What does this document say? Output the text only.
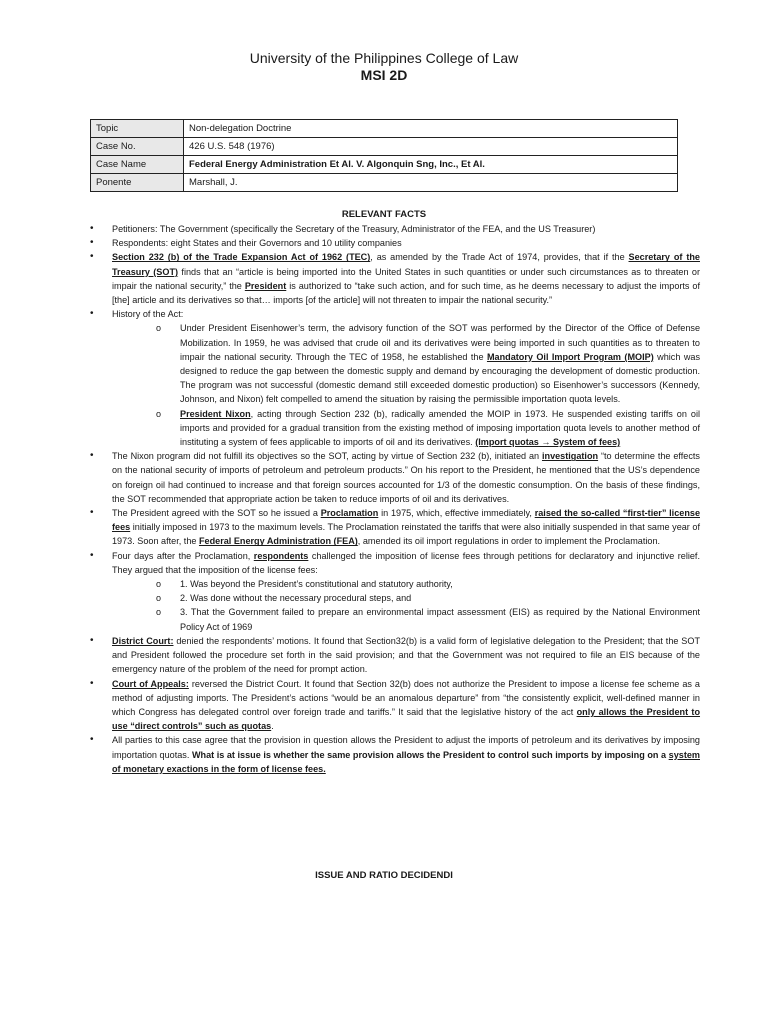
University of the Philippines College of Law
MSI 2D
Topic	Non-delegation Doctrine
Case No.	426 U.S. 548 (1976)
Case Name	Federal Energy Administration Et Al. V. Algonquin Sng, Inc., Et Al.
Ponente	Marshall, J.
RELEVANT FACTS
• Petitioners: The Government (specifically the Secretary of the Treasury, Administrator of the FEA, and the US Treasurer)
• Respondents: eight States and their Governors and 10 utility companies
• Section 232 (b) of the Trade Expansion Act of 1962 (TEC), as amended by the Trade Act of 1974, provides, that if the Secretary of the Treasury (SOT) finds that an “article is being imported into the United States in such quantities or under such circumstances as to threaten or impair the national security,” the President is authorized to “take such action, and for such time, as he deems necessary to adjust the imports of [the] article and its derivatives so that… imports [of the article] will not threaten to impair the national security.”
• History of the Act:
o Under President Eisenhower’s term, the advisory function of the SOT was performed by the Director of the Office of Defense Mobilization. In 1959, he was advised that crude oil and its derivatives were being imported in such quantities as to threaten to impair the national security. Through the TEC of 1958, he established the Mandatory Oil Import Program (MOIP) which was designed to reduce the gap between the domestic supply and demand by encouraging the development of domestic production. The program was not successful (domestic demand still exceeded domestic production) so Eisenhower’s successors (Kennedy, Johnson, and Nixon) felt compelled to amend the situation by raising the permissible importation quota levels.
o President Nixon, acting through Section 232 (b), radically amended the MOIP in 1973. He suspended existing tariffs on oil imports and provided for a gradual transition from the existing method of imposing importation quota levels to another method of instituting a system of fees applicable to imports of oil and its derivatives. (Import quotas → System of fees)
• The Nixon program did not fulfill its objectives so the SOT, acting by virtue of Section 232 (b), initiated an investigation “to determine the effects on the national security of imports of petroleum and petroleum products.” On his report to the President, he mentioned that the US’s dependence on foreign oil had continued to increase and that foreign sources accounted for 1/3 of the domestic consumption. On the basis of these findings, the SOT recommended that appropriate action be taken to reduce imports of oil and its derivatives.
• The President agreed with the SOT so he issued a Proclamation in 1975, which, effective immediately, raised the so-called “first-tier” license fees initially imposed in 1973 to the maximum levels. The Proclamation reinstated the tariffs that were also initially suspended in that same year of 1973. Soon after, the Federal Energy Administration (FEA), amended its oil import regulations in order to implement the Proclamation.
• Four days after the Proclamation, respondents challenged the imposition of license fees through petitions for declaratory and injunctive relief. They argued that the imposition of the license fees:
o 1. Was beyond the President’s constitutional and statutory authority,
o 2. Was done without the necessary procedural steps, and
o 3. That the Government failed to prepare an environmental impact assessment (EIS) as required by the National Environment Policy Act of 1969
• District Court: denied the respondents’ motions. It found that Section32(b) is a valid form of legislative delegation to the President; that the SOT and President followed the procedure set forth in the said provision; and that the Government was not required to file an EIS because of the emergency nature of the problem of the need for prompt action.
• Court of Appeals: reversed the District Court. It found that Section 32(b) does not authorize the President to impose a license fee scheme as a method of adjusting imports. The President’s actions “would be an anomalous departure” from “the consistently explicit, well-defined manner in which Congress has delegated control over foreign trade and tariffs.” It said that the legislative history of the act only allows the President to use “direct controls” such as quotas.
• All parties to this case agree that the provision in question allows the President to adjust the imports of petroleum and its derivatives by imposing importation quotas. What is at issue is whether the same provision allows the President to control such imports by imposing on a system of monetary exactions in the form of license fees.
ISSUE AND RATIO DECIDENDI
